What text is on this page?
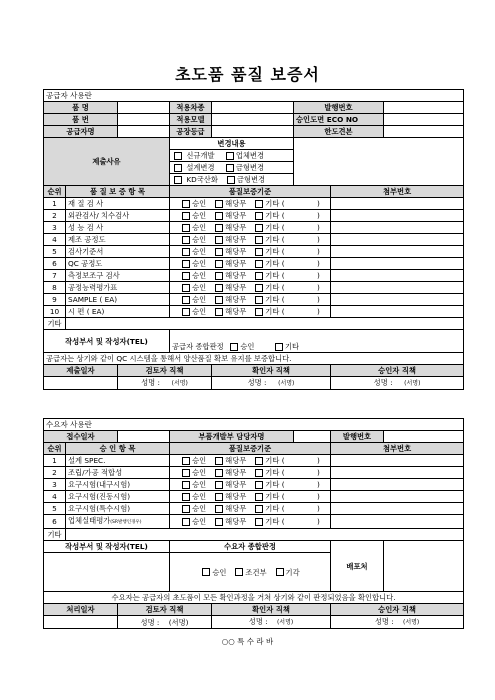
초도품 품질 보증서
공급자 사용란							
품 명			적용차종		발행번호		
품 번			적용모델		승인도면 ECO NO		
공급자명			공장등급		한도견본		
제출사유			변경내용				
			신규개발 업체변경				
			설계변경 금형변경				
			KD국산화 금형변경				
순위	품 질 보 증 항 목		품질보증기준			첨부번호	
1	재 질 검 사		승인 해당무 기타 ( )				
2	외관검사/ 치수검사		승인 해당무 기타 ( )				
3	성 능 검 사		승인 해당무 기타 ( )				
4	제조 공정도		승인 해당무 기타 ( )				
5	검사기준서		승인 해당무 기타 ( )				
6	QC 공정도		승인 해당무 기타 ( )				
7	측정보조구 검사		승인 해당무 기타 ( )				
8	공정능력평가표		승인 해당무 기타 ( )				
9	SAMPLE ( EA)		승인 해당무 기타 ( )				
10	시 편 ( EA)		승인 해당무 기타 ( )				
기타							
작성부서 및 작성자(TEL)							
			공급자 종합판정 승인 기타				
공급자는 상기와 같이 QC 시스템을 통해서 양산품질 확보 유지를 보증합니다.							
제출일자		검토자 직책		확인자 직책		승인자 직책	
		성명 : (서명)		성명 : (서명)		성명 : (서명)	
수요자 사용란							
접수일자			부품개발부 담당자명			발행번호	
순위	승 인 항 목		품질보증기준			첨부번호	
1	설계 SPEC.		승인 해당무 기타 ( )				
2	조립/가공 적합성		승인 해당무 기타 ( )				
3	요구시험(내구시험)		승인 해당무 기타 ( )				
4	요구시험(진동시험)		승인 해당무 기타 ( )				
5	요구시험(특수시험)		승인 해당무 기타 ( )				
6	업체실태평가(SR발행인경우)		승인 해당무 기타 ( )				
기타							
작성부서 및 작성자(TEL)			수요자 종합판정			배포처	
			승인 조건부 기각				
수요자는 공급자의 초도품이 모든 확인과정을 거쳐 상기와 같이 판정되었음을 확인합니다.							
처리일자		검토자 직책		확인자 직책		승인자 직책	
		성명 : (서명)		성명 : (서명)		성명 : (서명)	
○○ 특 수 라 바
